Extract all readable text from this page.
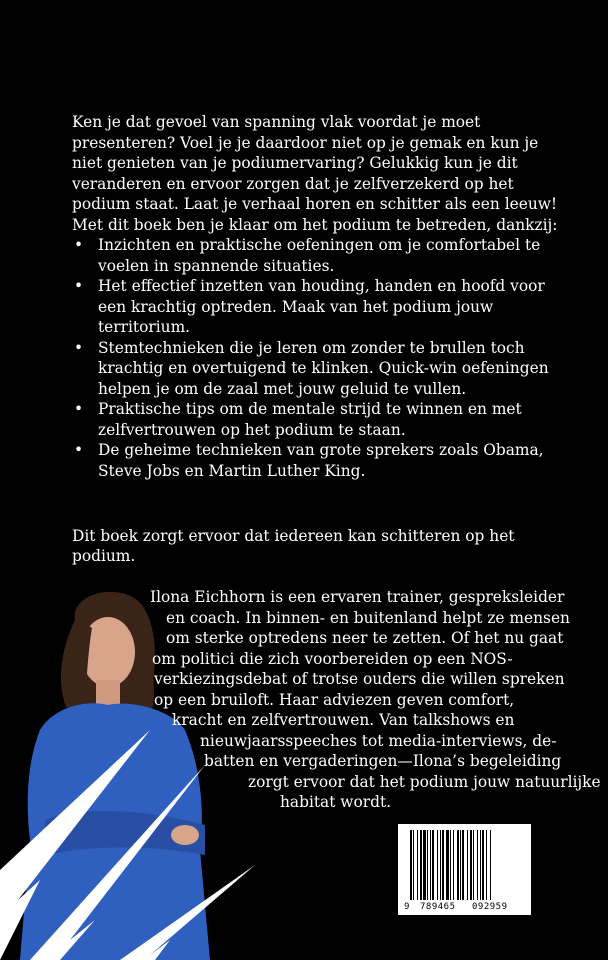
Ken je dat gevoel van spanning vlak voordat je moet presenteren? Voel je je daardoor niet op je gemak en kun je niet genieten van je podiumervaring? Gelukkig kun je dit veranderen en ervoor zorgen dat je zelfverzekerd op het podium staat. Laat je verhaal horen en schitter als een leeuw!
Met dit boek ben je klaar om het podium te betreden, dankzij:

• Inzichten en praktische oefeningen om je comfortabel te voelen in spannende situaties.
• Het effectief inzetten van houding, handen en hoofd voor een krachtig optreden. Maak van het podium jouw territorium.
• Stemtechnieken die je leren om zonder te brullen toch krachtig en overtuigend te klinken. Quick-win oefeningen helpen je om de zaal met jouw geluid te vullen.
• Praktische tips om de mentale strijd te winnen en met zelfvertrouwen op het podium te staan.
• De geheime technieken van grote sprekers zoals Obama, Steve Jobs en Martin Luther King.

Dit boek zorgt ervoor dat iedereen kan schitteren op het podium.

Ilona Eichhorn is een ervaren trainer, gespreksleider
en coach. In binnen- en buitenland helpt ze mensen
om sterke optredens neer te zetten. Of het nu gaat
om politici die zich voorbereiden op een NOS-
verkiezingsdebat of trotse ouders die willen spreken
op een bruiloft. Haar adviezen geven comfort,
kracht en zelfvertrouwen. Van talkshows en
nieuwjaarsspeeches tot media-interviews, de-
batten en vergaderingen—Ilona’s begeleiding
zorgt ervoor dat het podium jouw natuurlijke
habitat wordt.

9 789465 092959
